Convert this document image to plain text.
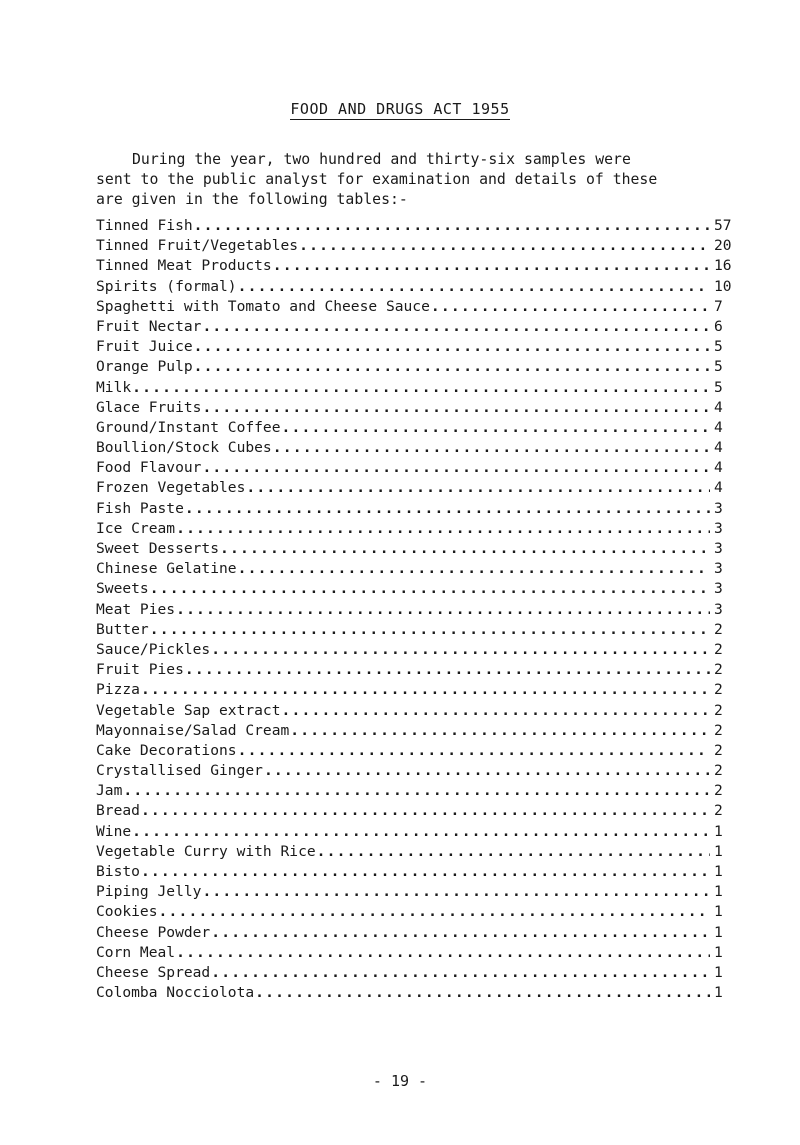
FOOD AND DRUGS ACT 1955
During the year, two hundred and thirty-six samples were
sent to the public analyst for examination and details of these
are given in the following tables:-
Tinned Fish .....	57
Tinned Fruit/Vegetables .....	20
Tinned Meat Products .....	16
Spirits (formal) .....	10
Spaghetti with Tomato and Cheese Sauce .....	7
Fruit Nectar .....	6
Fruit Juice .....	5
Orange Pulp .....	5
Milk .....	5
Glace Fruits .....	4
Ground/Instant Coffee .....	4
Boullion/Stock Cubes .....	4
Food Flavour .....	4
Frozen Vegetables .....	4
Fish Paste .....	3
Ice Cream .....	3
Sweet Desserts .....	3
Chinese Gelatine .....	3
Sweets .....	3
Meat Pies .....	3
Butter .....	2
Sauce/Pickles .....	2
Fruit Pies .....	2
Pizza .....	2
Vegetable Sap extract .....	2
Mayonnaise/Salad Cream .....	2
Cake Decorations .....	2
Crystallised Ginger .....	2
Jam .....	2
Bread .....	2
Wine .....	1
Vegetable Curry with Rice .....	1
Bisto .....	1
Piping Jelly .....	1
Cookies .....	1
Cheese Powder .....	1
Corn Meal .....	1
Cheese Spread .....	1
Colomba Nocciolota .....	1
- 19 -
